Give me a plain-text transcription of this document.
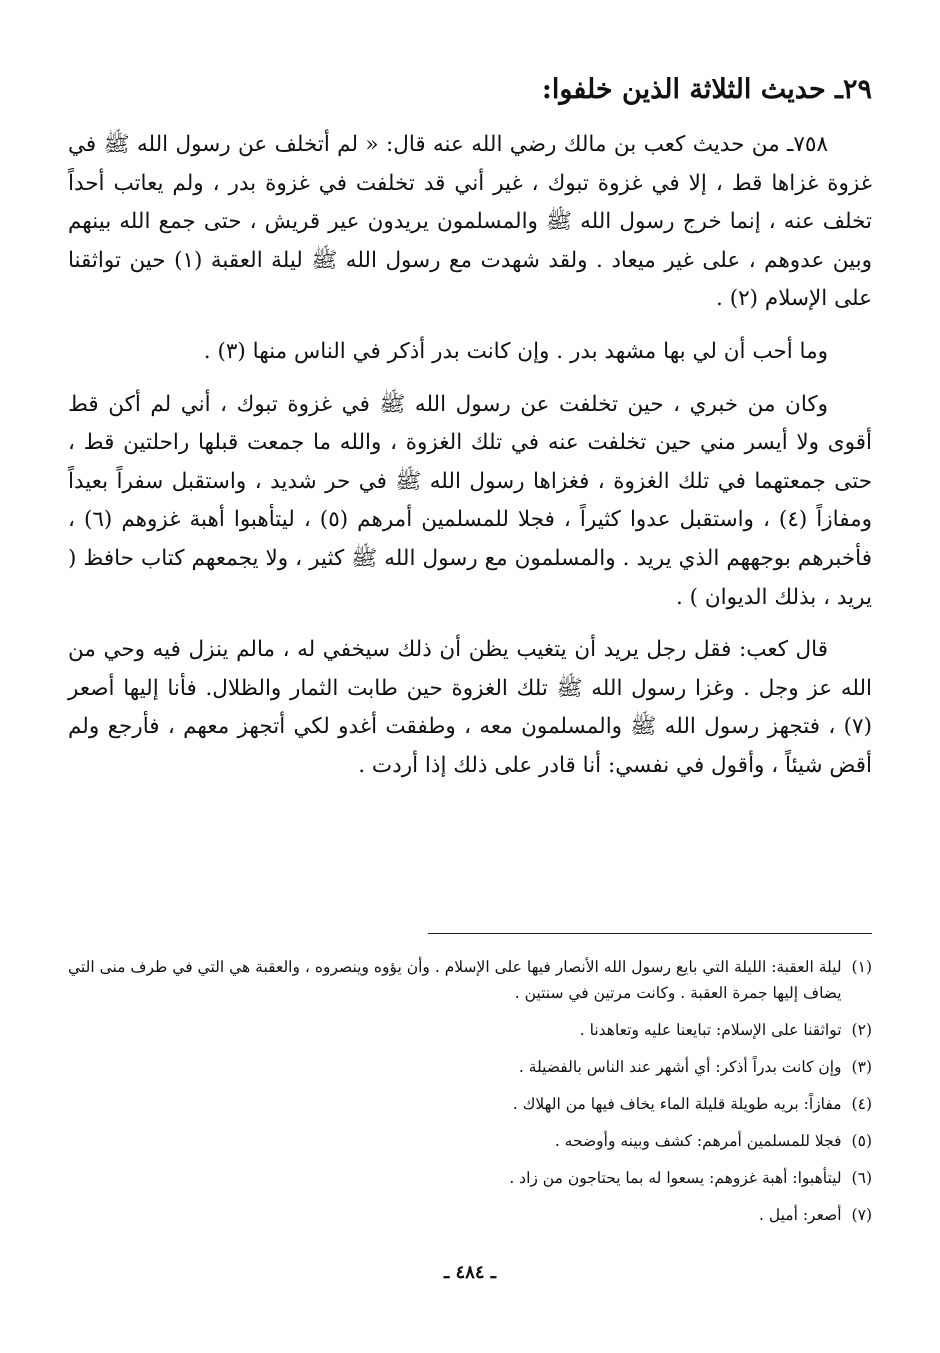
٢٩ـ حديث الثلاثة الذين خلفوا:

٧٥٨ـ من حديث كعب بن مالك رضي الله عنه قال: « لم أتخلف عن رسول الله ﷺ في غزوة غزاها قط ، إلا في غزوة تبوك ، غير أني قد تخلفت في غزوة بدر ، ولم يعاتب أحداً تخلف عنه ، إنما خرج رسول الله ﷺ والمسلمون يريدون عير قريش ، حتى جمع الله بينهم وبين عدوهم ، على غير ميعاد . ولقد شهدت مع رسول الله ﷺ ليلة العقبة (١) حين تواثقنا على الإسلام (٢) .

وما أحب أن لي بها مشهد بدر . وإن كانت بدر أذكر في الناس منها (٣) .

وكان من خبري ، حين تخلفت عن رسول الله ﷺ في غزوة تبوك ، أني لم أكن قط أقوى ولا أيسر مني حين تخلفت عنه في تلك الغزوة ، والله ما جمعت قبلها راحلتين قط ، حتى جمعتهما في تلك الغزوة ، فغزاها رسول الله ﷺ في حر شديد ، واستقبل سفراً بعيداً ومفازاً (٤) ، واستقبل عدوا كثيراً ، فجلا للمسلمين أمرهم (٥) ، ليتأهبوا أهبة غزوهم (٦) ، فأخبرهم بوجههم الذي يريد . والمسلمون مع رسول الله ﷺ كثير ، ولا يجمعهم كتاب حافظ ( يريد ، بذلك الديوان ) .

قال كعب: فقل رجل يريد أن يتغيب يظن أن ذلك سيخفي له ، مالم ينزل فيه وحي من الله عز وجل . وغزا رسول الله ﷺ تلك الغزوة حين طابت الثمار والظلال. فأنا إليها أصعر (٧) ، فتجهز رسول الله ﷺ والمسلمون معه ، وطفقت أغدو لكي أتجهز معهم ، فأرجع ولم أقض شيئاً ، وأقول في نفسي: أنا قادر على ذلك إذا أردت .

(١)
ليلة العقبة: الليلة التي بايع رسول الله الأنصار فيها على الإسلام . وأن يؤوه وينصروه ، والعقبة هي التي في طرف منى التي يضاف إليها جمرة العقبة . وكانت مرتين في سنتين .
(٢)
تواثقنا على الإسلام: تبايعنا عليه وتعاهدنا .
(٣)
وإن كانت بدراً أذكر: أي أشهر عند الناس بالفضيلة .
(٤)
مفازاً: بريه طويلة قليلة الماء يخاف فيها من الهلاك .
(٥)
فجلا للمسلمين أمرهم: كشف وبينه وأوضحه .
(٦)
ليتأهبوا: أهبة غزوهم: يسعوا له بما يحتاجون من زاد .
(٧)
أصعر: أميل .
ـ ٤٨٤ ـ
